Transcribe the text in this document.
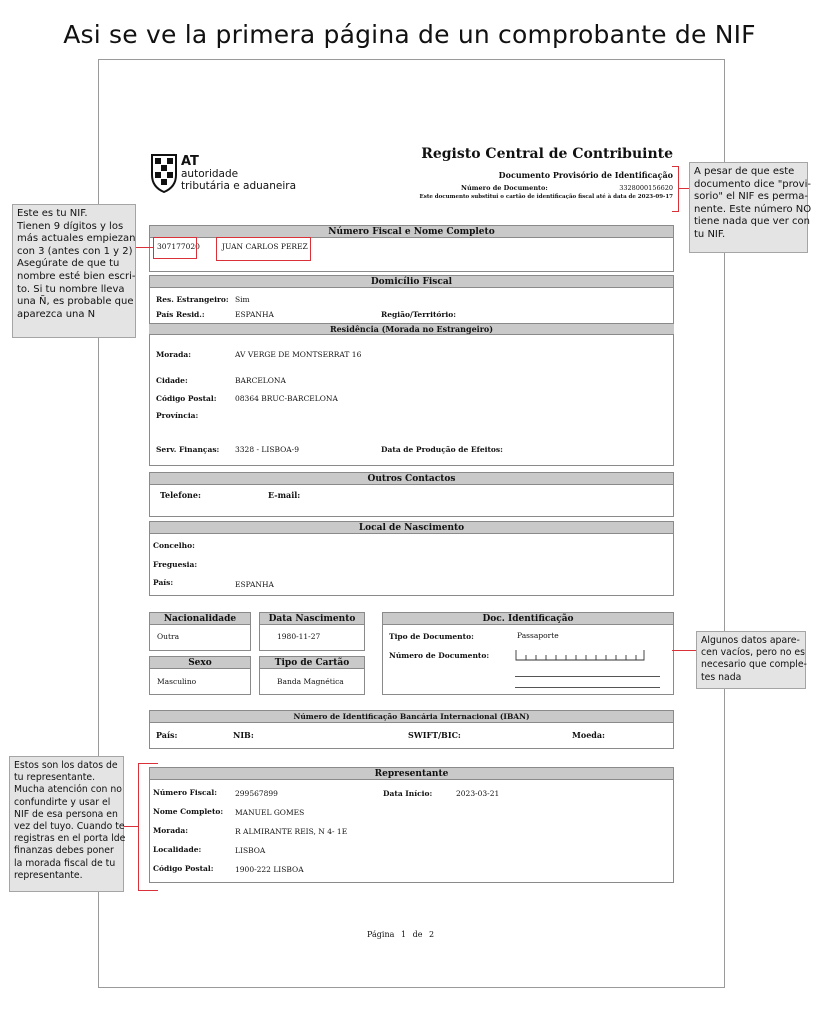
Asi se ve la primera página de un comprobante de NIF
AT
autoridade
tributária e aduaneira
Registo Central de Contribuinte
Documento Provisório de Identificação
Número de Documento:	3328000156620
Este documento substitui o cartão de identificação fiscal até à data de 2023-09-17
Número Fiscal e Nome Completo
307177020	JUAN CARLOS PEREZ
Domicílio Fiscal
Res. Estrangeiro: Sim
País Resid.:	ESPANHA	Região/Território:
Residência (Morada no Estrangeiro)
Morada:	AV VERGE DE MONTSERRAT 16
Cidade:	BARCELONA
Código Postal: 08364 BRUC-BARCELONA
Província:
Serv. Finanças: 3328 - LISBOA-9	Data de Produção de Efeitos:
Outros Contactos
Telefone:	E-mail:
Local de Nascimento
Concelho:
Freguesia:
País:	ESPANHA
Nacionalidade
Outra
Data Nascimento
1980-11-27
Sexo
Masculino
Tipo de Cartão
Banda Magnética
Doc. Identificação
Tipo de Documento:	Passaporte
Número de Documento:
Número de Identificação Bancária Internacional (IBAN)
País:	NIB:	SWIFT/BIC:	Moeda:
Representante
Número Fiscal: 299567899	Data Início:	2023-03-21
Nome Completo: MANUEL GOMES
Morada:	R ALMIRANTE REIS, N 4- 1E
Localidade:	LISBOA
Código Postal:	1900-222 LISBOA
Página 1 de 2

Este es tu NIF.

Tienen 9 dígitos y los

más actuales empiezan

con 3 (antes con 1 y 2)

Asegúrate de que tu

nombre esté bien escri-

to. Si tu nombre lleva

una Ñ, es probable que

aparezca una N

A pesar de que este

documento dice "provi-

sorio" el NIF es perma-

nente. Este número NO

tiene nada que ver con

tu NIF.

Algunos datos apare-

cen vacíos, pero no es

necesario que comple-

tes nada

Estos son los datos de

tu representante.

Mucha atención con no

confundirte y usar el

NIF de esa persona en

vez del tuyo. Cuando te

registras en el porta lde

finanzas debes poner

la morada fiscal de tu

representante.
